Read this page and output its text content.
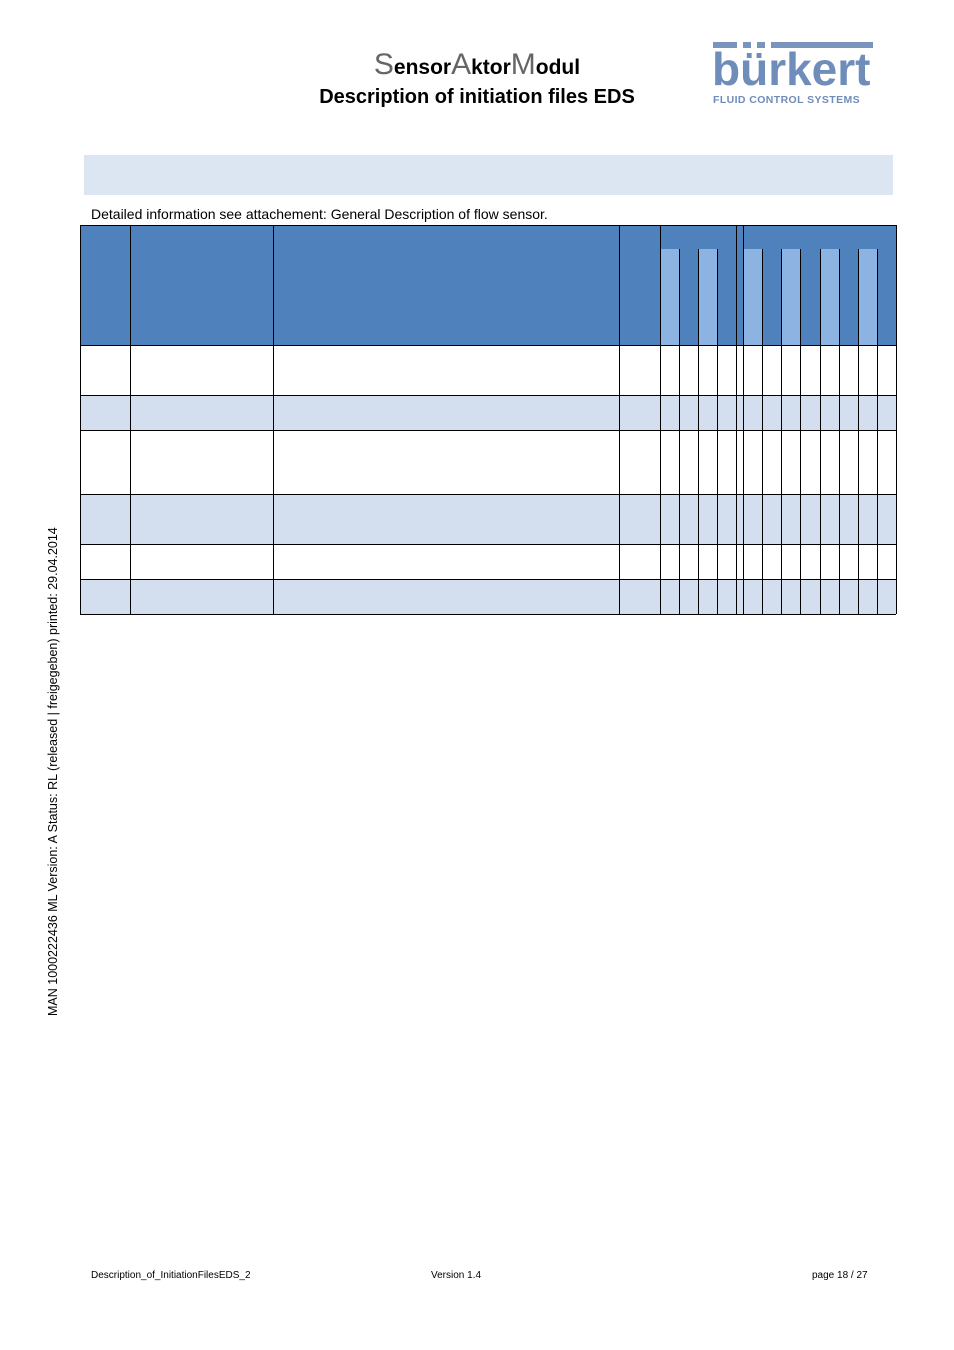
SensorAktorModul
Description of initiation files EDS
bürkert
FLUID CONTROL SYSTEMS
Detailed information see attachement: General Description of flow sensor.
MAN 1000222436 ML Version: A Status: RL (released | freigegeben) printed: 29.04.2014
Description_of_InitiationFilesEDS_2	Version 1.4	page 18 / 27
